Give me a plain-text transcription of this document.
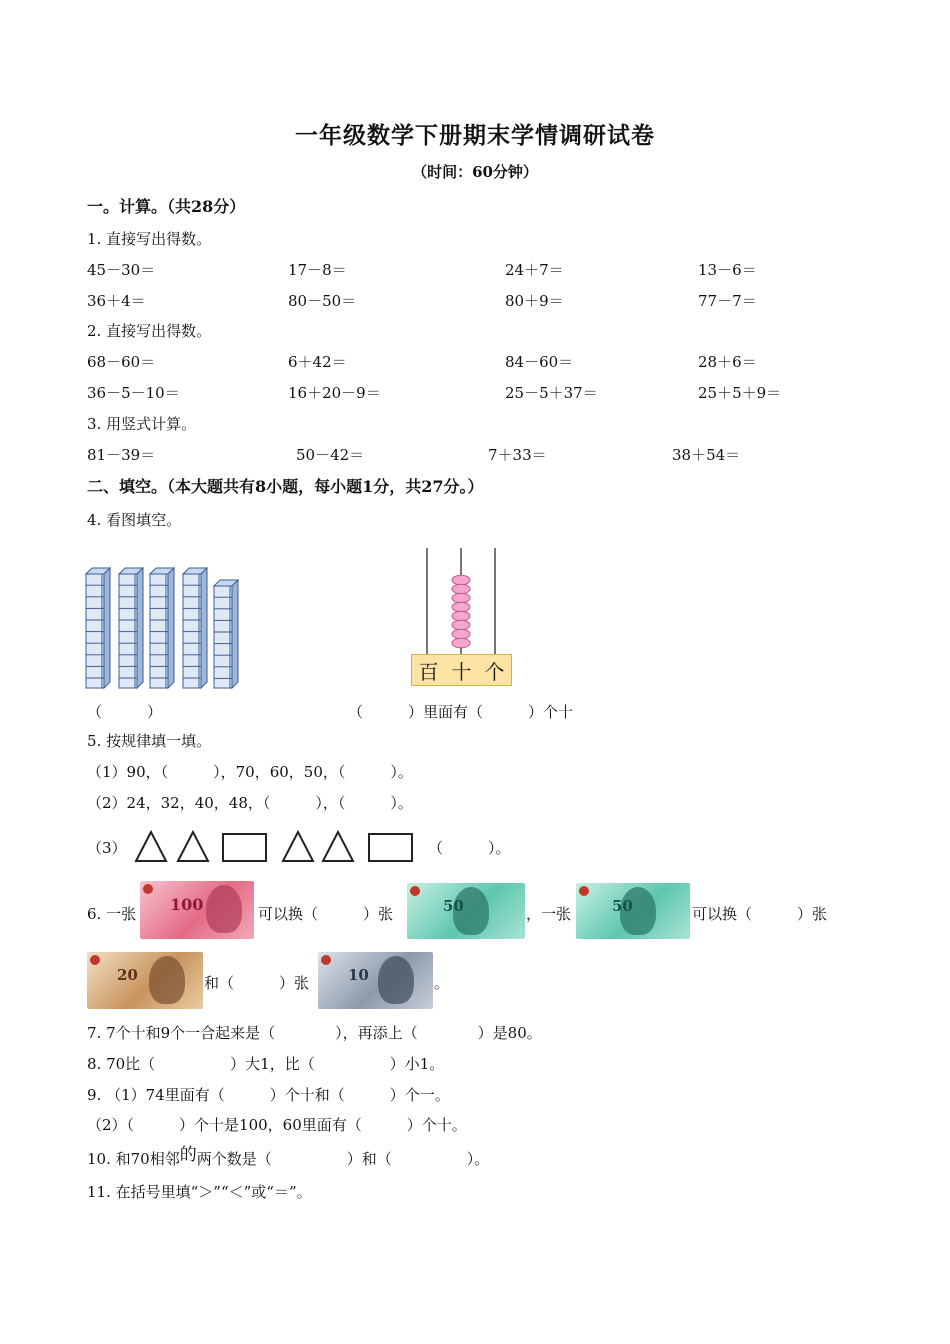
一年级数学下册期末学情调研试卷
（时间：60分钟）
一。计算。（共28分）
1. 直接写出得数。
45－30＝	17－8＝	24＋7＝	13－6＝
36＋4＝	80－50＝	80＋9＝	77－7＝
2. 直接写出得数。
68－60＝	6＋42＝	84－60＝	28＋6＝
36－5－10＝	16＋20－9＝	25－5＋37＝	25＋5＋9＝
3. 用竖式计算。
81－39＝	50－42＝	7＋33＝	38＋54＝
二、填空。（本大题共有8小题，每小题1分，共27分。）
4. 看图填空。
百 十 个
（　　　）	（　　　）里面有（　　　）个十
5. 按规律填一填。
（1）90，（　　　），70，60，50，（　　　）。
（2）24，32，40，48，（　　　），（　　　）。
（3）	（　　　）。
6. 一张 100	可以换（　　　）张	50	，一张	50	可以换（　　　）张
20	和（　　　）张	10	。
7. 7个十和9个一合起来是（　　　　），再添上（　　　　）是80。
8. 70比（　　　　　）大1，比（　　　　　）小1。
9. （1）74里面有（　　　）个十和（　　　）个一。
（2）（　　　）个十是100，60里面有（　　　）个十。
10. 和70相邻的两个数是（　　　　　）和（　　　　　）。
11. 在括号里填“＞”“＜”或“＝”。
